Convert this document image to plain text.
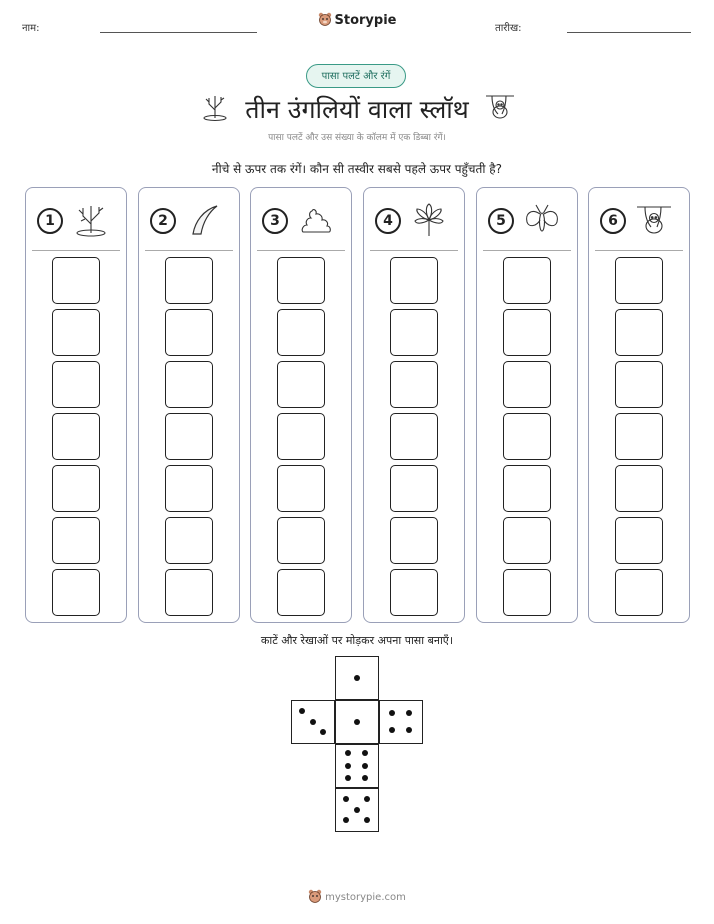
नाम:
Storypie
तारीख:
पासा पलटें और रंगें
तीन उंगलियों वाला स्लॉथ
पासा पलटें और उस संख्या के कॉलम में एक डिब्बा रंगें।
नीचे से ऊपर तक रंगें। कौन सी तस्वीर सबसे पहले ऊपर पहुँचती है?
1	2	3	4	5	6
काटें और रेखाओं पर मोड़कर अपना पासा बनाएँ।
mystorypie.com
